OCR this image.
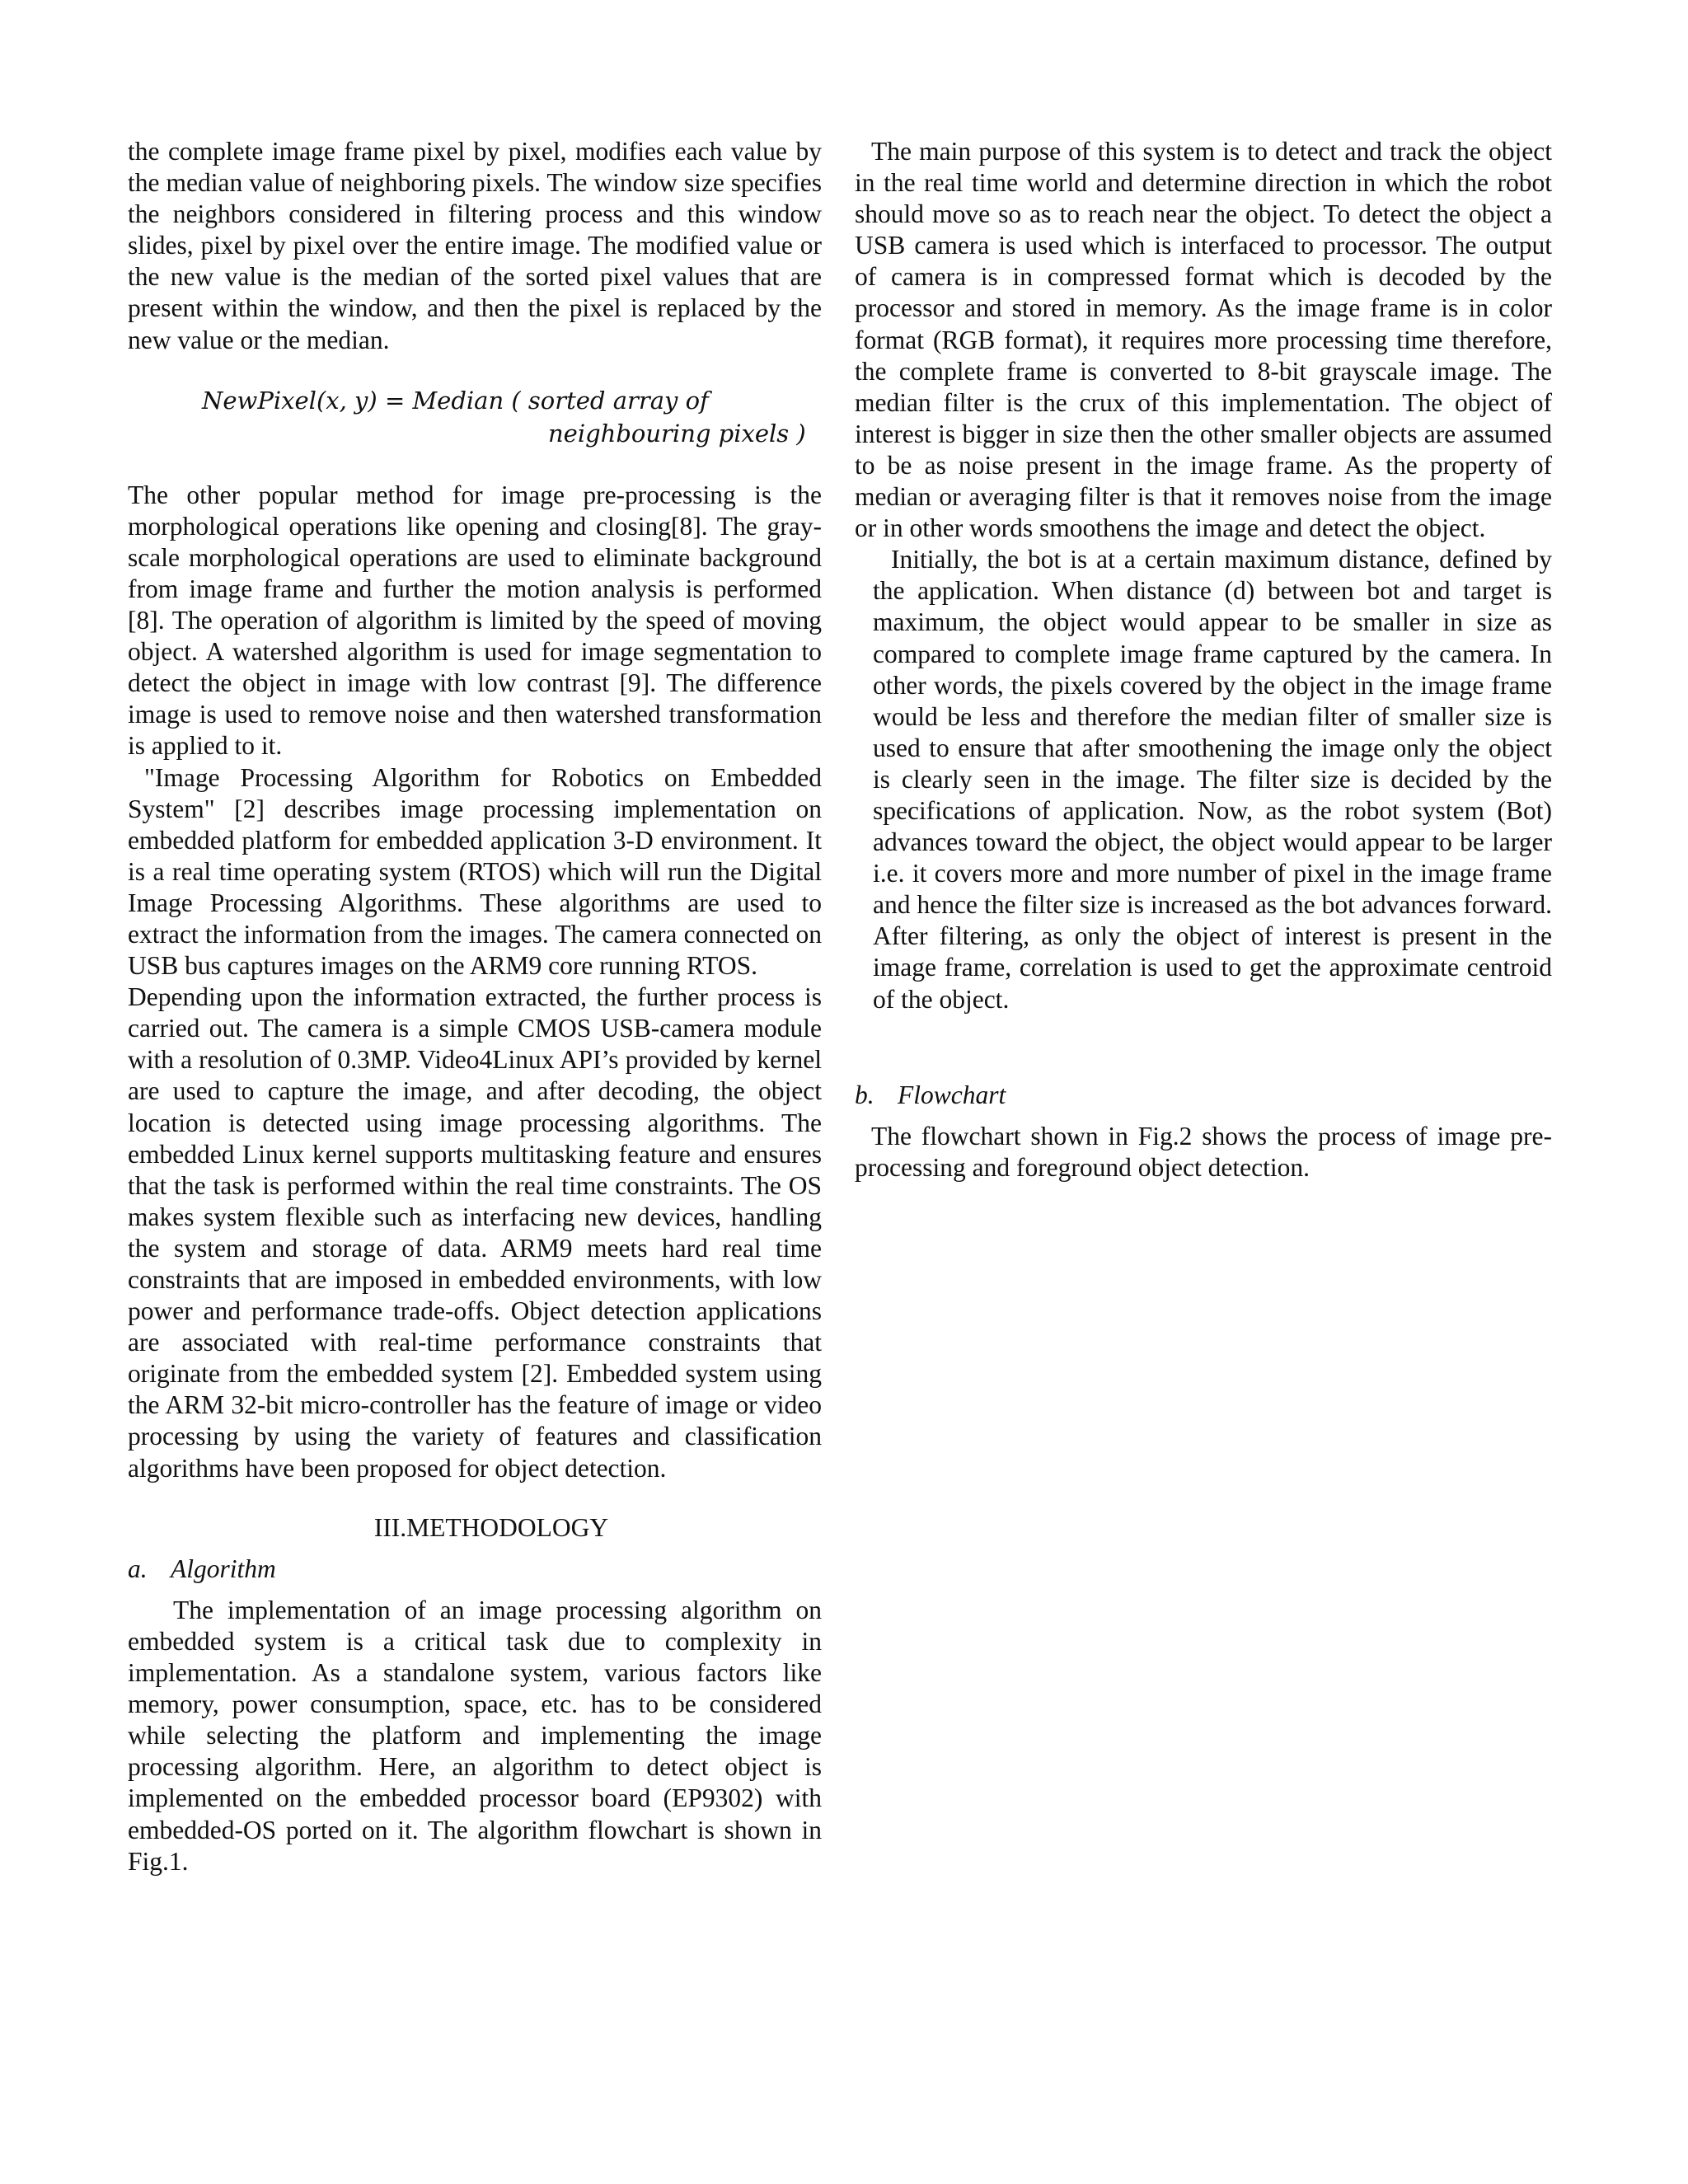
the complete image frame pixel by pixel, modifies each value by the median value of neighboring pixels. The window size specifies the neighbors considered in filtering process and this window slides, pixel by pixel over the entire image. The modified value or the new value is the median of the sorted pixel values that are present within the window, and then the pixel is replaced by the new value or the median.

NewPixel(x, y) = Median ( sorted array of
neighbouring pixels )

The other popular method for image pre-processing is the morphological operations like opening and closing[8]. The gray-scale morphological operations are used to eliminate background from image frame and further the motion analysis is performed [8]. The operation of algorithm is limited by the speed of moving object. A watershed algorithm is used for image segmentation to detect the object in image with low contrast [9]. The difference image is used to remove noise and then watershed transformation is applied to it.

"Image Processing Algorithm for Robotics on Embedded System" [2] describes image processing implementation on embedded platform for embedded application 3-D environment. It is a real time operating system (RTOS) which will run the Digital Image Processing Algorithms. These algorithms are used to extract the information from the images. The camera connected on USB bus captures images on the ARM9 core running RTOS.

Depending upon the information extracted, the further process is carried out. The camera is a simple CMOS USB-camera module with a resolution of 0.3MP. Video4Linux API’s provided by kernel are used to capture the image, and after decoding, the object location is detected using image processing algorithms. The embedded Linux kernel supports multitasking feature and ensures that the task is performed within the real time constraints. The OS makes system flexible such as interfacing new devices, handling the system and storage of data. ARM9 meets hard real time constraints that are imposed in embedded environments, with low power and performance trade-offs. Object detection applications are associated with real-time performance constraints that originate from the embedded system [2]. Embedded system using the ARM 32-bit micro-controller has the feature of image or video processing by using the variety of features and classification algorithms have been proposed for object detection.

III.METHODOLOGY
a. Algorithm

The implementation of an image processing algorithm on embedded system is a critical task due to complexity in implementation. As a standalone system, various factors like memory, power consumption, space, etc. has to be considered while selecting the platform and implementing the image processing algorithm. Here, an algorithm to detect object is implemented on the embedded processor board (EP9302) with embedded-OS ported on it. The algorithm flowchart is shown in Fig.1.

The main purpose of this system is to detect and track the object in the real time world and determine direction in which the robot should move so as to reach near the object. To detect the object a USB camera is used which is interfaced to processor. The output of camera is in compressed format which is decoded by the processor and stored in memory. As the image frame is in color format (RGB format), it requires more processing time therefore, the complete frame is converted to 8-bit grayscale image. The median filter is the crux of this implementation. The object of interest is bigger in size then the other smaller objects are assumed to be as noise present in the image frame. As the property of median or averaging filter is that it removes noise from the image or in other words smoothens the image and detect the object.

Initially, the bot is at a certain maximum distance, defined by the application. When distance (d) between bot and target is maximum, the object would appear to be smaller in size as compared to complete image frame captured by the camera. In other words, the pixels covered by the object in the image frame would be less and therefore the median filter of smaller size is used to ensure that after smoothening the image only the object is clearly seen in the image. The filter size is decided by the specifications of application. Now, as the robot system (Bot) advances toward the object, the object would appear to be larger i.e. it covers more and more number of pixel in the image frame and hence the filter size is increased as the bot advances forward. After filtering, as only the object of interest is present in the image frame, correlation is used to get the approximate centroid of the object.

b. Flowchart

The flowchart shown in Fig.2 shows the process of image pre-processing and foreground object detection.
